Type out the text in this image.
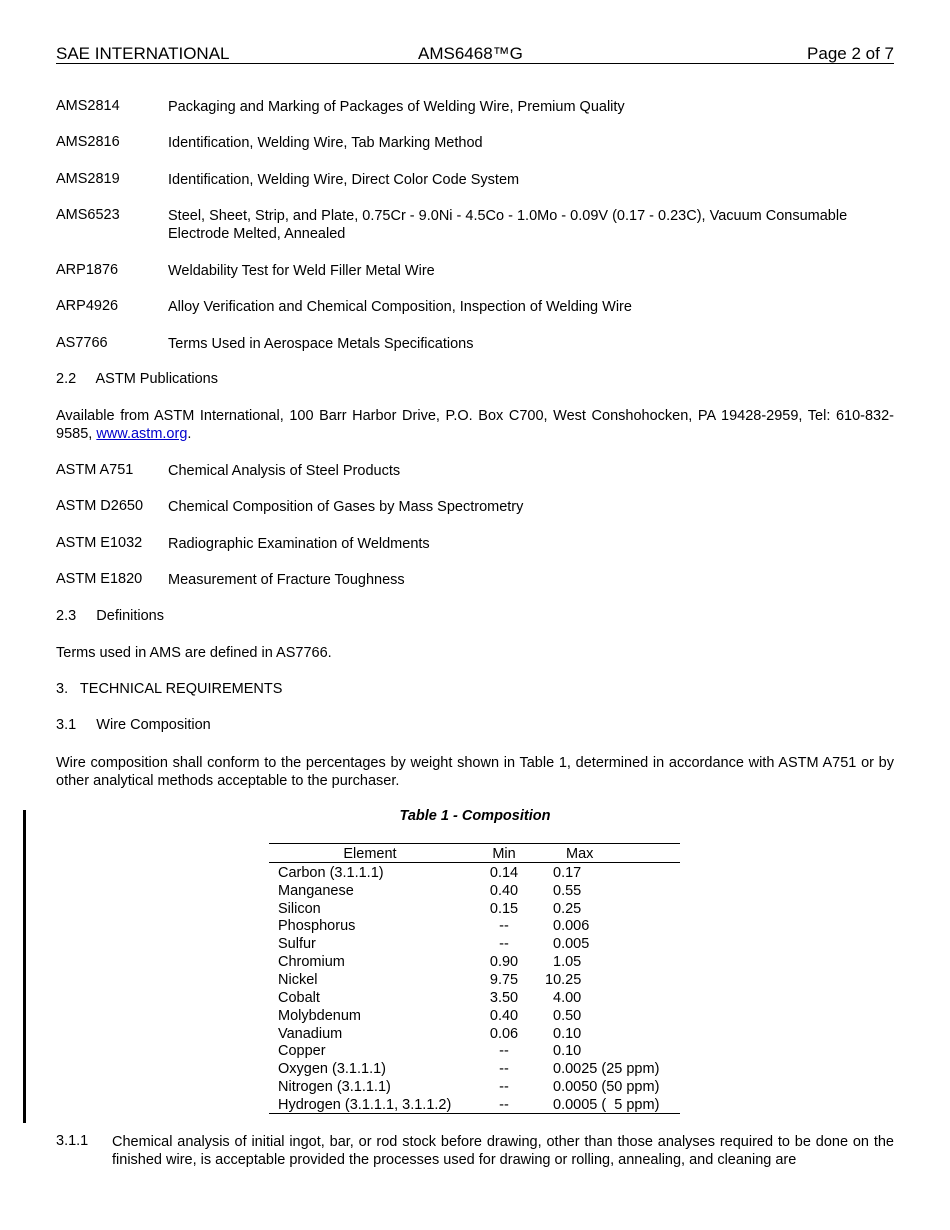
SAE INTERNATIONAL	AMS6468™G	Page 2 of 7
AMS2814	Packaging and Marking of Packages of Welding Wire, Premium Quality
AMS2816	Identification, Welding Wire, Tab Marking Method
AMS2819	Identification, Welding Wire, Direct Color Code System
AMS6523	Steel, Sheet, Strip, and Plate, 0.75Cr - 9.0Ni - 4.5Co - 1.0Mo - 0.09V (0.17 - 0.23C), Vacuum Consumable Electrode Melted, Annealed
ARP1876	Weldability Test for Weld Filler Metal Wire
ARP4926	Alloy Verification and Chemical Composition, Inspection of Welding Wire
AS7766	Terms Used in Aerospace Metals Specifications
2.2     ASTM Publications
Available from ASTM International, 100 Barr Harbor Drive, P.O. Box C700, West Conshohocken, PA 19428-2959, Tel: 610-832-9585, www.astm.org.
ASTM A751 Chemical Analysis of Steel Products
ASTM D2650 Chemical Composition of Gases by Mass Spectrometry
ASTM E1032 Radiographic Examination of Weldments
ASTM E1820 Measurement of Fracture Toughness
2.3     Definitions
Terms used in AMS are defined in AS7766.
3.   TECHNICAL REQUIREMENTS
3.1     Wire Composition
Wire composition shall conform to the percentages by weight shown in Table 1, determined in accordance with ASTM A751 or by other analytical methods acceptable to the purchaser.
Table 1 - Composition
Element	Min	Max
Carbon (3.1.1.1)	0.14	0.17
Manganese	0.40	0.55
Silicon	0.15	0.25
Phosphorus	--	0.006
Sulfur	--	0.005
Chromium	0.90	1.05
Nickel	9.75	10.25
Cobalt	3.50	4.00
Molybdenum	0.40	0.50
Vanadium	0.06	0.10
Copper	--	0.10
Oxygen (3.1.1.1)	--	0.0025 (25 ppm)
Nitrogen (3.1.1.1)	--	0.0050 (50 ppm)
Hydrogen (3.1.1.1, 3.1.1.2)	--	0.0005 (  5 ppm)
3.1.1 Chemical analysis of initial ingot, bar, or rod stock before drawing, other than those analyses required to be done on the finished wire, is acceptable provided the processes used for drawing or rolling, annealing, and cleaning are
